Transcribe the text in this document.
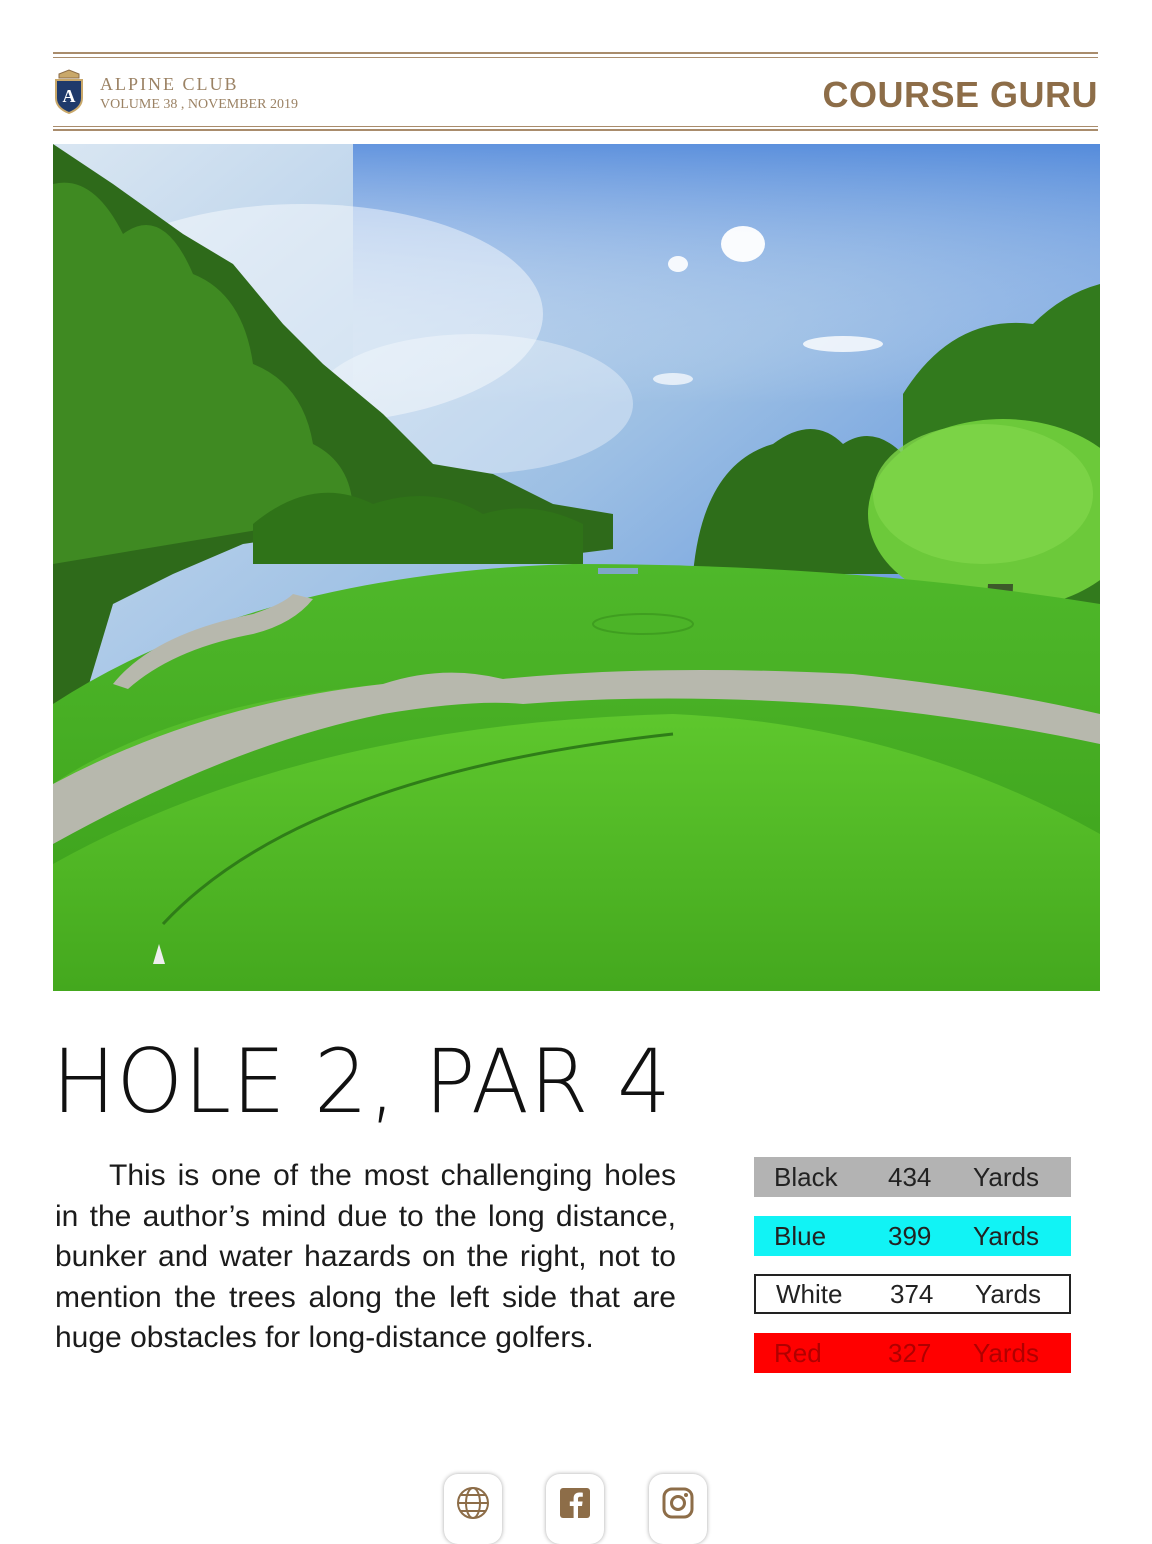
A
ALPINE CLUB
VOLUME 38 , NOVEMBER 2019	COURSE GURU
HOLE 2, PAR 4
This is one of the most challenging holes in the author’s mind due to the long distance, bunker and water hazards on the right, not to mention the trees along the left side that are huge obstacles for long-distance golfers.
Black 434 Yards
Blue 399 Yards
White 374 Yards
Red	327 Yards
